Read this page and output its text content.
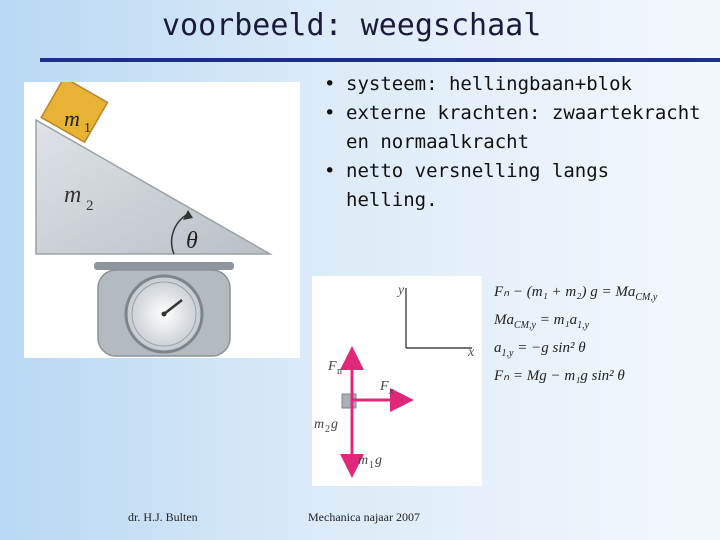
voorbeeld: weegschaal
• systeem: hellingbaan+blok
• externe krachten: zwaartekracht en normaalkracht
• netto versnelling langs helling.
m 1
m 2
θ
y
x
F n
F x
m 2 g
m 1 g
Fₙ − (m₁ + m₂) $g = Ma_{CM,y}$
$Ma_{CM,y} = m_1a_{1,y}$
$a_{1,y} = -g$ sin² θ
Fₙ = Mg − m₁g sin² θ
dr. H.J. Bulten	Mechanica najaar 2007
